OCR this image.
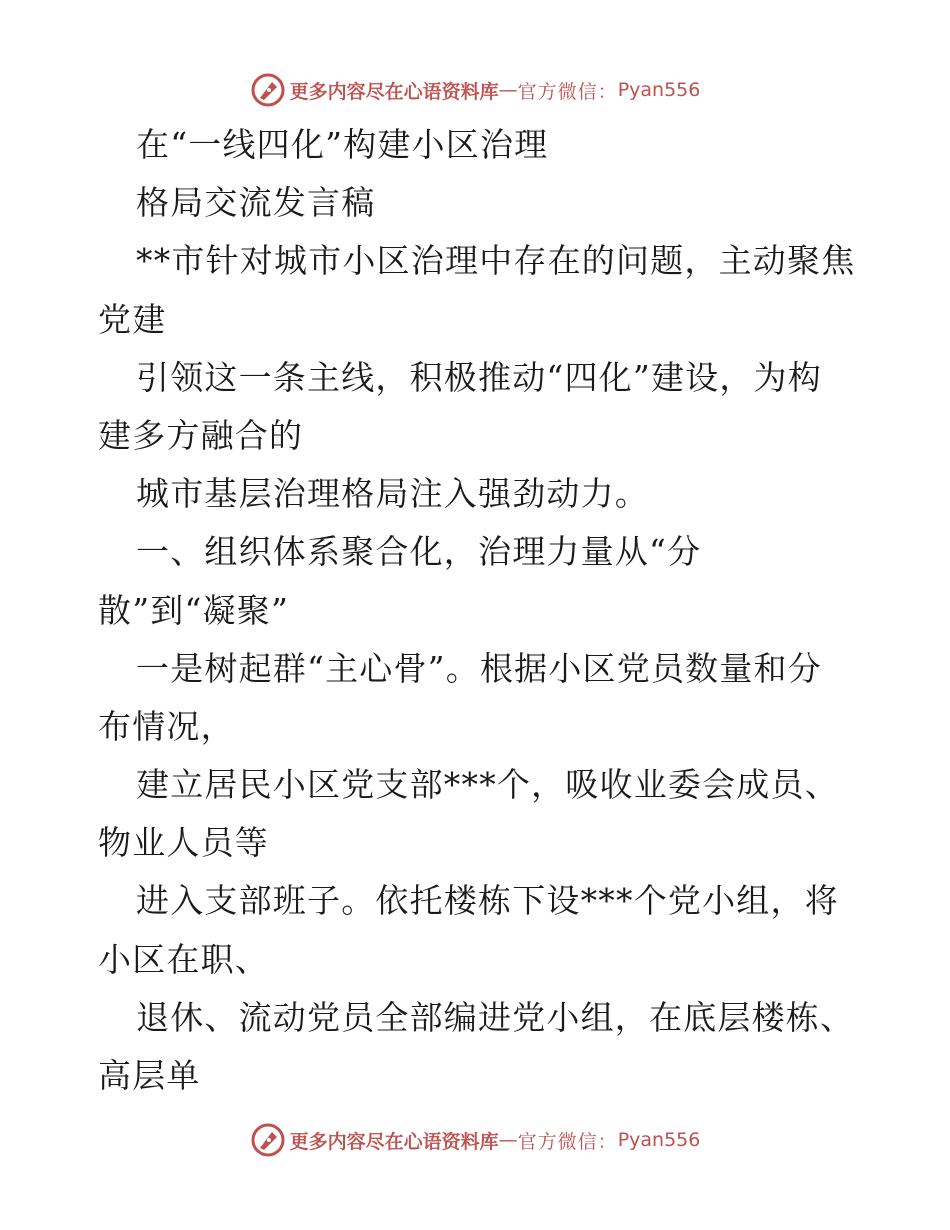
更多内容尽在心语资料库 — 官方微信： Pyan556
在“一线四化”构建小区治理
格局交流发言稿
**市针对城市小区治理中存在的问题，主动聚焦
党建
引领这一条主线，积极推动“四化”建设，为构
建多方融合的
城市基层治理格局注入强劲动力。
一、组织体系聚合化，治理力量从“分
散”到“凝聚”
一是树起群“主心骨”。根据小区党员数量和分
布情况，
建立居民小区党支部***个，吸收业委会成员、
物业人员等
进入支部班子。依托楼栋下设***个党小组，将
小区在职、
退休、流动党员全部编进党小组，在底层楼栋、
高层单
更多内容尽在心语资料库 — 官方微信： Pyan556
